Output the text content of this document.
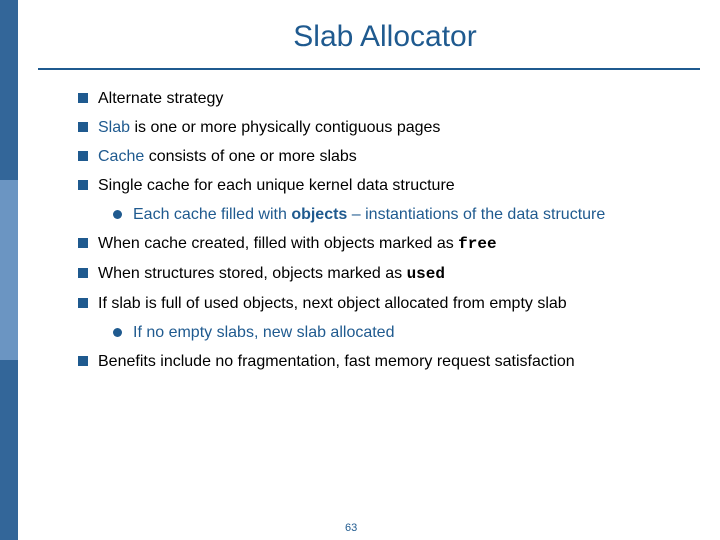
Slab Allocator
Alternate strategy
Slab is one or more physically contiguous pages
Cache consists of one or more slabs
Single cache for each unique kernel data structure
Each cache filled with objects – instantiations of the data structure
When cache created, filled with objects marked as free
When structures stored, objects marked as used
If slab is full of used objects, next object allocated from empty slab
If no empty slabs, new slab allocated
Benefits include no fragmentation, fast memory request satisfaction
63
